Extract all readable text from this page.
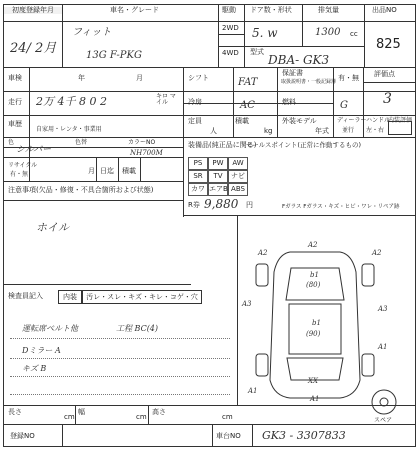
初度登録年月
24/ 2月
車名・グレード
フィット
13G F-PKG
駆動
2WD
4WD
ドア数・形状
5. w
排気量
1300 cc
型式
DBA- GK3
出品NO
825
車検	年	月
走行 2万 4千 8 0 2	キロ マイル
シフト	FAT
冷房	AC
保証書
取扱説明書・一般記録簿 有・無
燃料	G
評価点
3
車歴
自家用・レンタ・事業用
定員
人
積載
kg
外装モデル
年式
ディーラー
並行
ハンドル
左・右
内装評価
色
シルバー
色替	カラーNO
NH700M
リサイクル
有・無	月 日迄 積載
注意事項(欠品・修復・不具合箇所および状態)
ホイル
装備品(純正品に関る)
PS	PW	AW
SR	TV	ナビ
カワ エアB ABS
R券 9,880 円
セールスポイント(正常に作動するもの)
Fガラス Fガラス・キズ・ヒビ・ワレ・リペア跡
検査員記入	内装	汚レ・スレ・キズ・キレ・コゲ・穴
運転席ベルト他	工程 BC(4)
Dミラー A
キズ B
A2
b1
(80)
b1
(90)
A3
A3
XX
A1
A1
A2	A2
A1
スペア
長さ
cm
幅
cm
高さ
cm
登録NO	車台NO GK3 - 3307833
